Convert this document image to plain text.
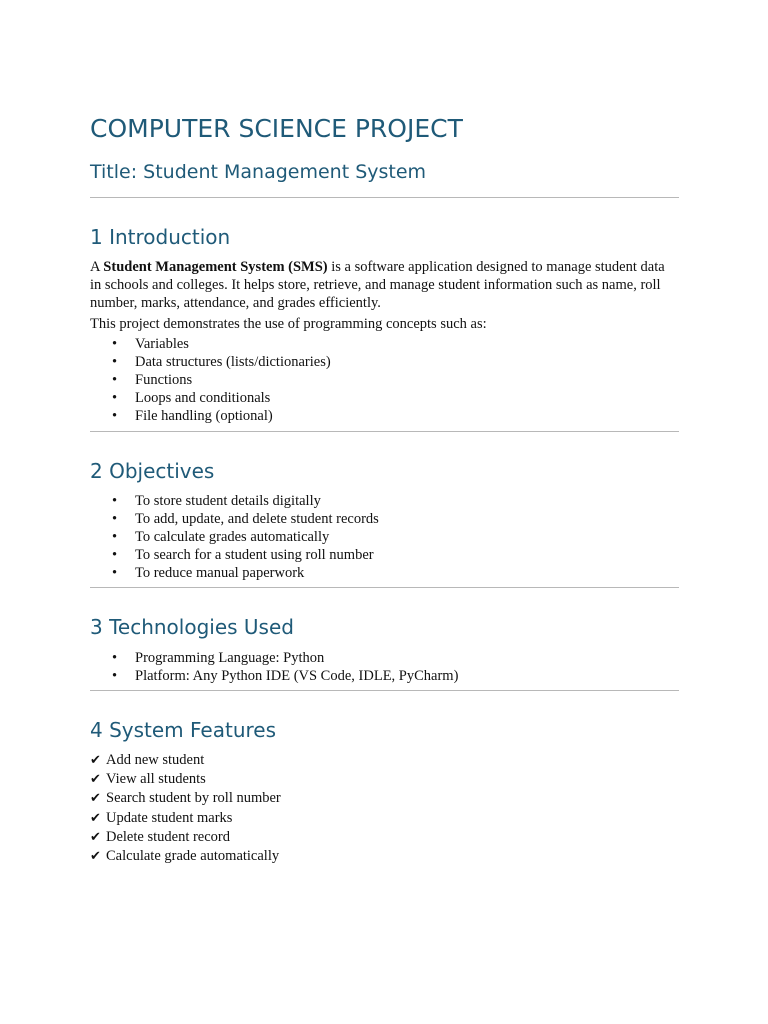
COMPUTER SCIENCE PROJECT
Title: Student Management System
1 Introduction

A Student Management System (SMS) is a software application designed to manage student data in schools and colleges. It helps store, retrieve, and manage student information such as name, roll number, marks, attendance, and grades efficiently.

This project demonstrates the use of programming concepts such as:

• Variables
• Data structures (lists/dictionaries)
• Functions
• Loops and conditionals
• File handling (optional)
2 Objectives
• To store student details digitally
• To add, update, and delete student records
• To calculate grades automatically
• To search for a student using roll number
• To reduce manual paperwork
3 Technologies Used
• Programming Language: Python
• Platform: Any Python IDE (VS Code, IDLE, PyCharm)
4 System Features
✔ Add new student
✔ View all students
✔ Search student by roll number
✔ Update student marks
✔ Delete student record
✔ Calculate grade automatically
